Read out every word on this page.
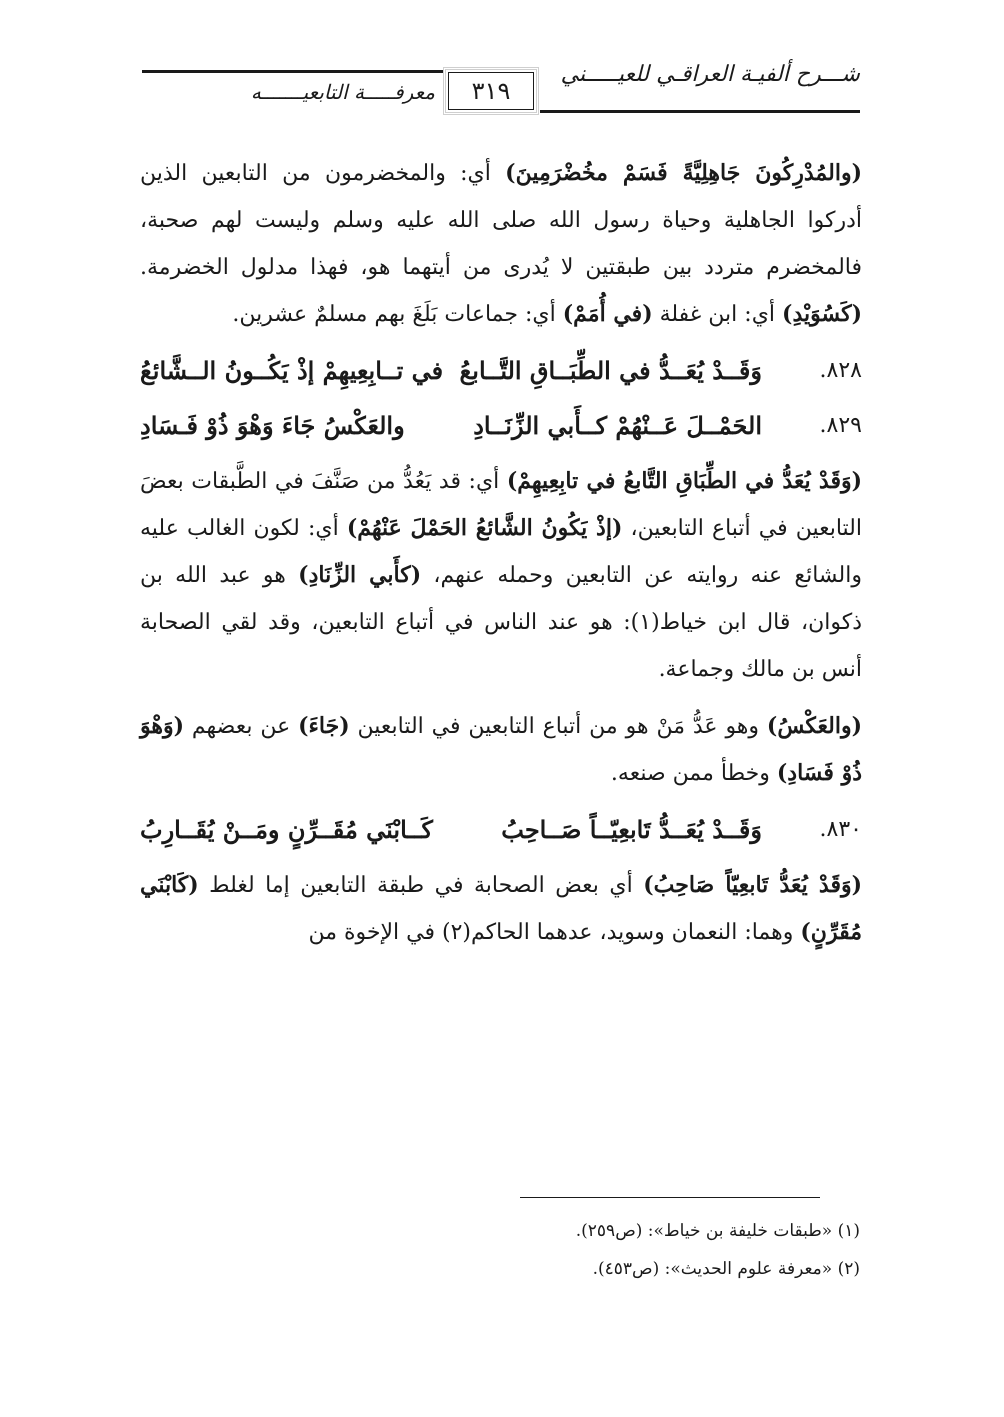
شـــرح ألفيـة العراقـي للعيـــــني
٣١٩
معرفـــــة التابعيـــــــه

(والمُدْرِكُونَ جَاهِلِيَّةً فَسَمْ مخُضْرَمِينَ) أي: والمخضرمون من التابعين الذين أدركوا الجاهلية وحياة رسول الله صلى الله عليه وسلم وليست لهم صحبة، فالمخضرم متردد بين طبقتين لا يُدرى من أيتهما هو، فهذا مدلول الخضرمة. (كَسُوَيْدِ) أي: ابن غفلة (في أُمَمْ) أي: جماعات بَلَغَ بهم مسلمٌ عشرين.

٨٢٨.
وَقَــدْ يُعَــدُّ في الطِّبَــاقِ التَّــابعُ
في تــابِعِيهِمْ إذْ يَكُــونُ الــشَّائعُ
٨٢٩.
الحَمْــلَ عَــنْهُمْ كــأَبي الزِّنَــادِ
والعَكْسُ جَاءَ وَهْوَ ذُوْ فَـسَادِ

(وَقَدْ يُعَدُّ في الطِّبَاقِ التَّابعُ في تابِعِيهِمْ) أي: قد يَعُدُّ من صَنَّفَ في الطَّبقات بعضَ التابعين في أتباع التابعين، (إذْ يَكُونُ الشَّائعُ الحَمْلَ عَنْهُمْ) أي: لكون الغالب عليه والشائع عنه روايته عن التابعين وحمله عنهم، (كأَبي الزِّنَادِ) هو عبد الله بن ذكوان، قال ابن خياط(١): هو عند الناس في أتباع التابعين، وقد لقي الصحابة أنس بن مالك وجماعة.

(والعَكْسُ) وهو عَدُّ مَنْ هو من أتباع التابعين في التابعين (جَاءَ) عن بعضهم (وَهْوَ ذُوْ فَسَادِ) وخطأ ممن صنعه.

٨٣٠.
وَقَــدْ يُعَــدُّ تَابعِيّــاً صَــاحِبُ
كَــابْنَي مُقَــرِّنٍ ومَــنْ يُقَــارِبُ

(وَقَدْ يُعَدُّ تَابعِيّاً صَاحِبُ) أي بعض الصحابة في طبقة التابعين إما لغلط (كَابْنَي مُقَرِّنٍ) وهما: النعمان وسويد، عدهما الحاكم(٢) في الإخوة من

(١) «طبقات خليفة بن خياط»: (ص٢٥٩).
(٢) «معرفة علوم الحديث»: (ص٤٥٣).
